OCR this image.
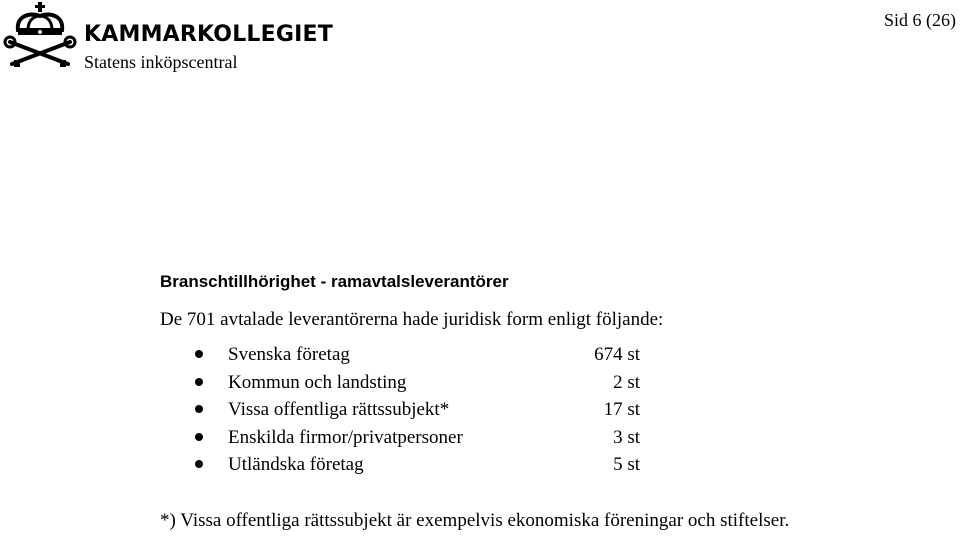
KAMMARKOLLEGIET
Statens inköpscentral
Sid 6 (26)
Branschtillhörighet - ramavtalsleverantörer
De 701 avtalade leverantörerna hade juridisk form enligt följande:
Svenska företag	674 st
Kommun och landsting	2 st
Vissa offentliga rättssubjekt*	17 st
Enskilda firmor/privatpersoner	3 st
Utländska företag	5 st
*) Vissa offentliga rättssubjekt är exempelvis ekonomiska föreningar och stiftelser.
